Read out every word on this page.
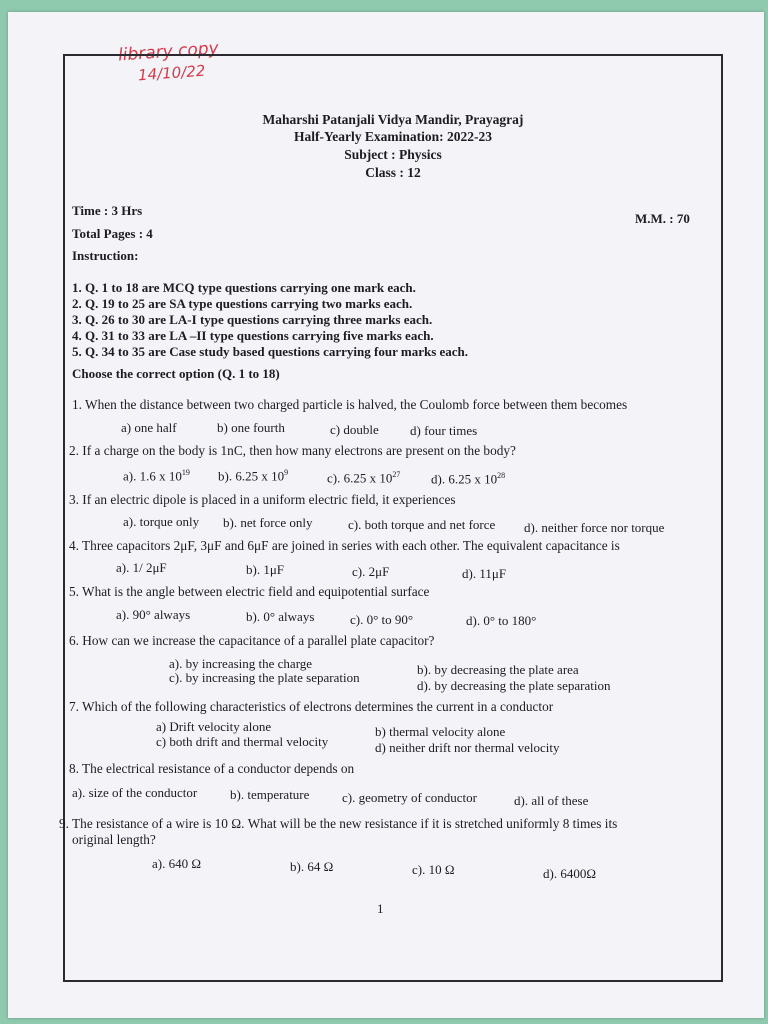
library copy
14/10/22
Maharshi Patanjali Vidya Mandir, Prayagraj
Half-Yearly Examination: 2022-23
Subject : Physics
Class : 12
Time : 3 Hrs
M.M. : 70
Total Pages : 4
Instruction:
1. Q. 1 to 18 are MCQ type questions carrying one mark each.
2. Q. 19 to 25 are SA type questions carrying two marks each.
3. Q. 26 to 30 are LA-I type questions carrying three marks each.
4. Q. 31 to 33 are LA –II type questions carrying five marks each.
5. Q. 34 to 35 are Case study based questions carrying four marks each.
Choose the correct option (Q. 1 to 18)
1. When the distance between two charged particle is halved, the Coulomb force between them becomes
a) one half	b) one fourth	c) double d) four times
2. If a charge on the body is 1nC, then how many electrons are present on the body?
a). 1.6 x $10^{19}$ b). 6.25 x $10^9$	c). 6.25 x $10^{27}$ d). 6.25 x $10^{28}$
3. If an electric dipole is placed in a uniform electric field, it experiences
a). torque only b). net force only	c). both torque and net force d). neither force nor torque
4. Three capacitors 2μF, 3μF and 6μF are joined in series with each other. The equivalent capacitance is
a). 1/ 2μF	b). 1μF	c). 2μF	d). 11μF
5. What is the angle between electric field and equipotential surface
a). 90° always	b). 0° always	c). 0° to 90°	d). 0° to 180°
6. How can we increase the capacitance of a parallel plate capacitor?
a). by increasing the charge	b). by decreasing the plate area
c). by increasing the plate separation
d). by decreasing the plate separation
7. Which of the following characteristics of electrons determines the current in a conductor
a) Drift velocity alone	b) thermal velocity alone
c) both drift and thermal velocity	d) neither drift nor thermal velocity
8. The electrical resistance of a conductor depends on
a). size of the conductor	b). temperature	c). geometry of conductor	d). all of these
9. The resistance of a wire is 10 Ω. What will be the new resistance if it is stretched uniformly 8 times its
original length?
a). 640 Ω	b). 64 Ω	c). 10 Ω	d). 6400Ω
1
